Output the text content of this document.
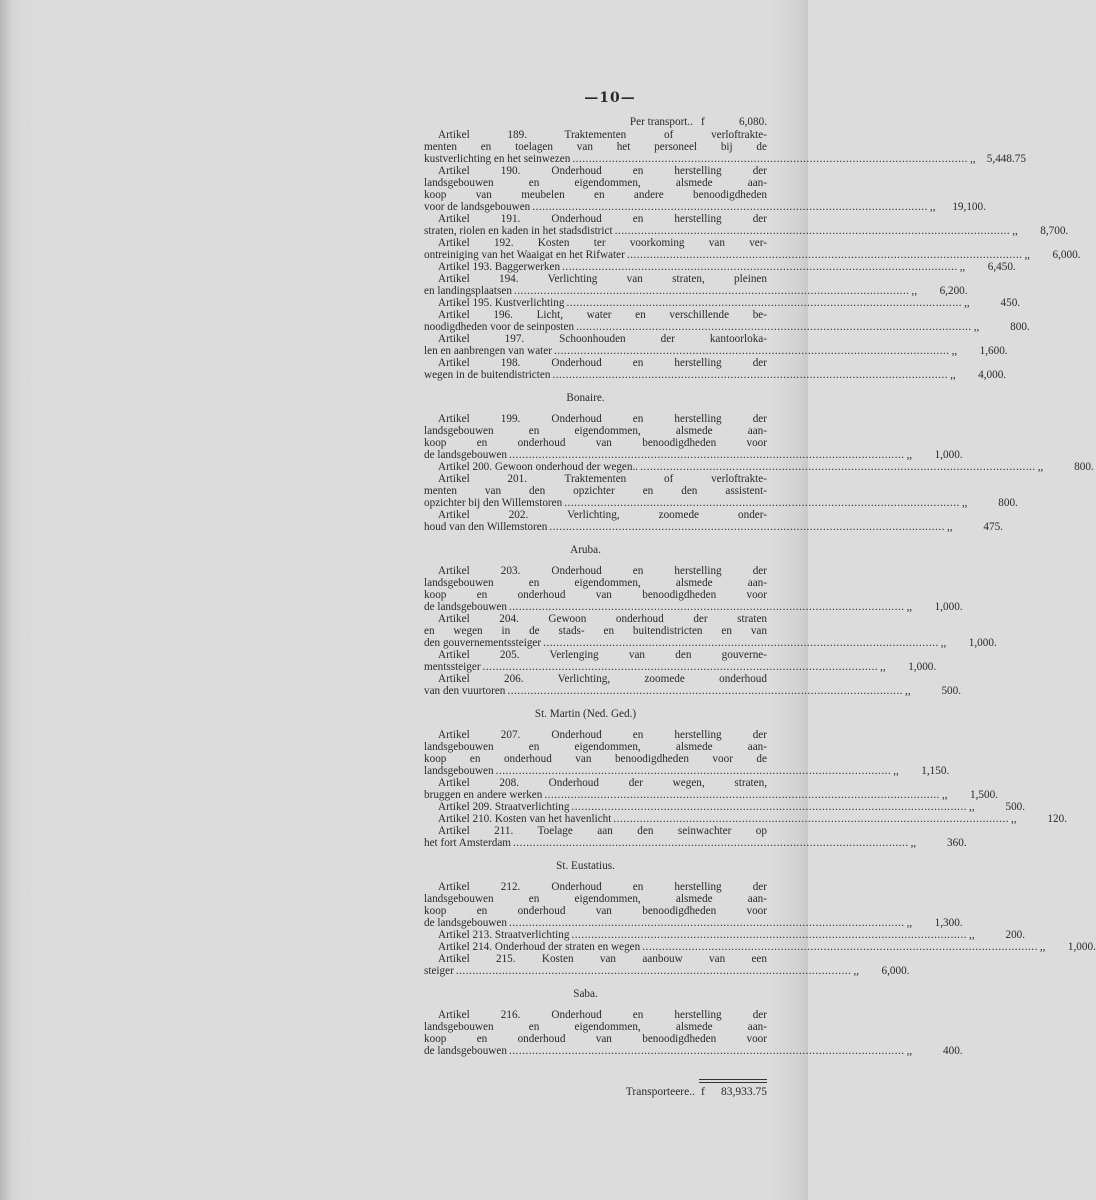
—10—
Per transport.. f	6,080.
Artikel 189. Traktementen of verloftrakte-
menten en toelagen van het personeel bij de
kustverlichting en het seinwezen ........................................................................................................................ ,,	5,448.75
Artikel 190. Onderhoud en herstelling der
landsgebouwen en eigendommen, alsmede aan-
koop van meubelen en andere benoodigdheden
voor de landsgebouwen ........................................................................................................................ ,,	19,100.
Artikel 191. Onderhoud en herstelling der
straten, riolen en kaden in het stadsdistrict ........................................................................................................................ ,,	8,700.
Artikel 192. Kosten ter voorkoming van ver-
ontreiniging van het Waaigat en het Rifwater ........................................................................................................................ ,,	6,000.
Artikel 193. Baggerwerken ........................................................................................................................ ,,	6,450.
Artikel 194. Verlichting van straten, pleinen
en landingsplaatsen ........................................................................................................................ ,,	6,200.
Artikel 195. Kustverlichting ........................................................................................................................ ,,	450.
Artikel 196. Licht, water en verschillende be-
noodigdheden voor de seinposten ........................................................................................................................ ,,	800.
Artikel 197. Schoonhouden der kantoorloka-
len en aanbrengen van water ........................................................................................................................ ,,	1,600.
Artikel 198. Onderhoud en herstelling der
wegen in de buitendistricten ........................................................................................................................ ,,	4,000.
Bonaire.
Artikel 199. Onderhoud en herstelling der
landsgebouwen en eigendommen, alsmede aan-
koop en onderhoud van benoodigdheden voor
de landsgebouwen ........................................................................................................................ ,,	1,000.
Artikel 200. Gewoon onderhoud der wegen.. ........................................................................................................................ ,,	800.
Artikel 201. Traktementen of verloftrakte-
menten van den opzichter en den assistent-
opzichter bij den Willemstoren ........................................................................................................................ ,,	800.
Artikel 202. Verlichting, zoomede onder-
houd van den Willemstoren ........................................................................................................................ ,,	475.
Aruba.
Artikel 203. Onderhoud en herstelling der
landsgebouwen en eigendommen, alsmede aan-
koop en onderhoud van benoodigdheden voor
de landsgebouwen ........................................................................................................................ ,,	1,000.
Artikel 204. Gewoon onderhoud der straten
en wegen in de stads- en buitendistricten en van
den gouvernementssteiger ........................................................................................................................ ,,	1,000.
Artikel 205. Verlenging van den gouverne-
mentssteiger ........................................................................................................................ ,,	1,000.
Artikel 206. Verlichting, zoomede onderhoud
van den vuurtoren ........................................................................................................................ ,,	500.
St. Martin (Ned. Ged.)
Artikel 207. Onderhoud en herstelling der
landsgebouwen en eigendommen, alsmede aan-
koop en onderhoud van benoodigdheden voor de
landsgebouwen ........................................................................................................................ ,,	1,150.
Artikel 208. Onderhoud der wegen, straten,
bruggen en andere werken ........................................................................................................................ ,,	1,500.
Artikel 209. Straatverlichting ........................................................................................................................ ,,	500.
Artikel 210. Kosten van het havenlicht ........................................................................................................................ ,,	120.
Artikel 211. Toelage aan den seinwachter op
het fort Amsterdam ........................................................................................................................ ,,	360.
St. Eustatius.
Artikel 212. Onderhoud en herstelling der
landsgebouwen en eigendommen, alsmede aan-
koop en onderhoud van benoodigdheden voor
de landsgebouwen ........................................................................................................................ ,,	1,300.
Artikel 213. Straatverlichting ........................................................................................................................ ,,	200.
Artikel 214. Onderhoud der straten en wegen ........................................................................................................................ ,,	1,000.
Artikel 215. Kosten van aanbouw van een
steiger ........................................................................................................................ ,,	6,000.
Saba.
Artikel 216. Onderhoud en herstelling der
landsgebouwen en eigendommen, alsmede aan-
koop en onderhoud van benoodigdheden voor
de landsgebouwen ........................................................................................................................ ,,	400.
Transporteere.. f	83,933.75
